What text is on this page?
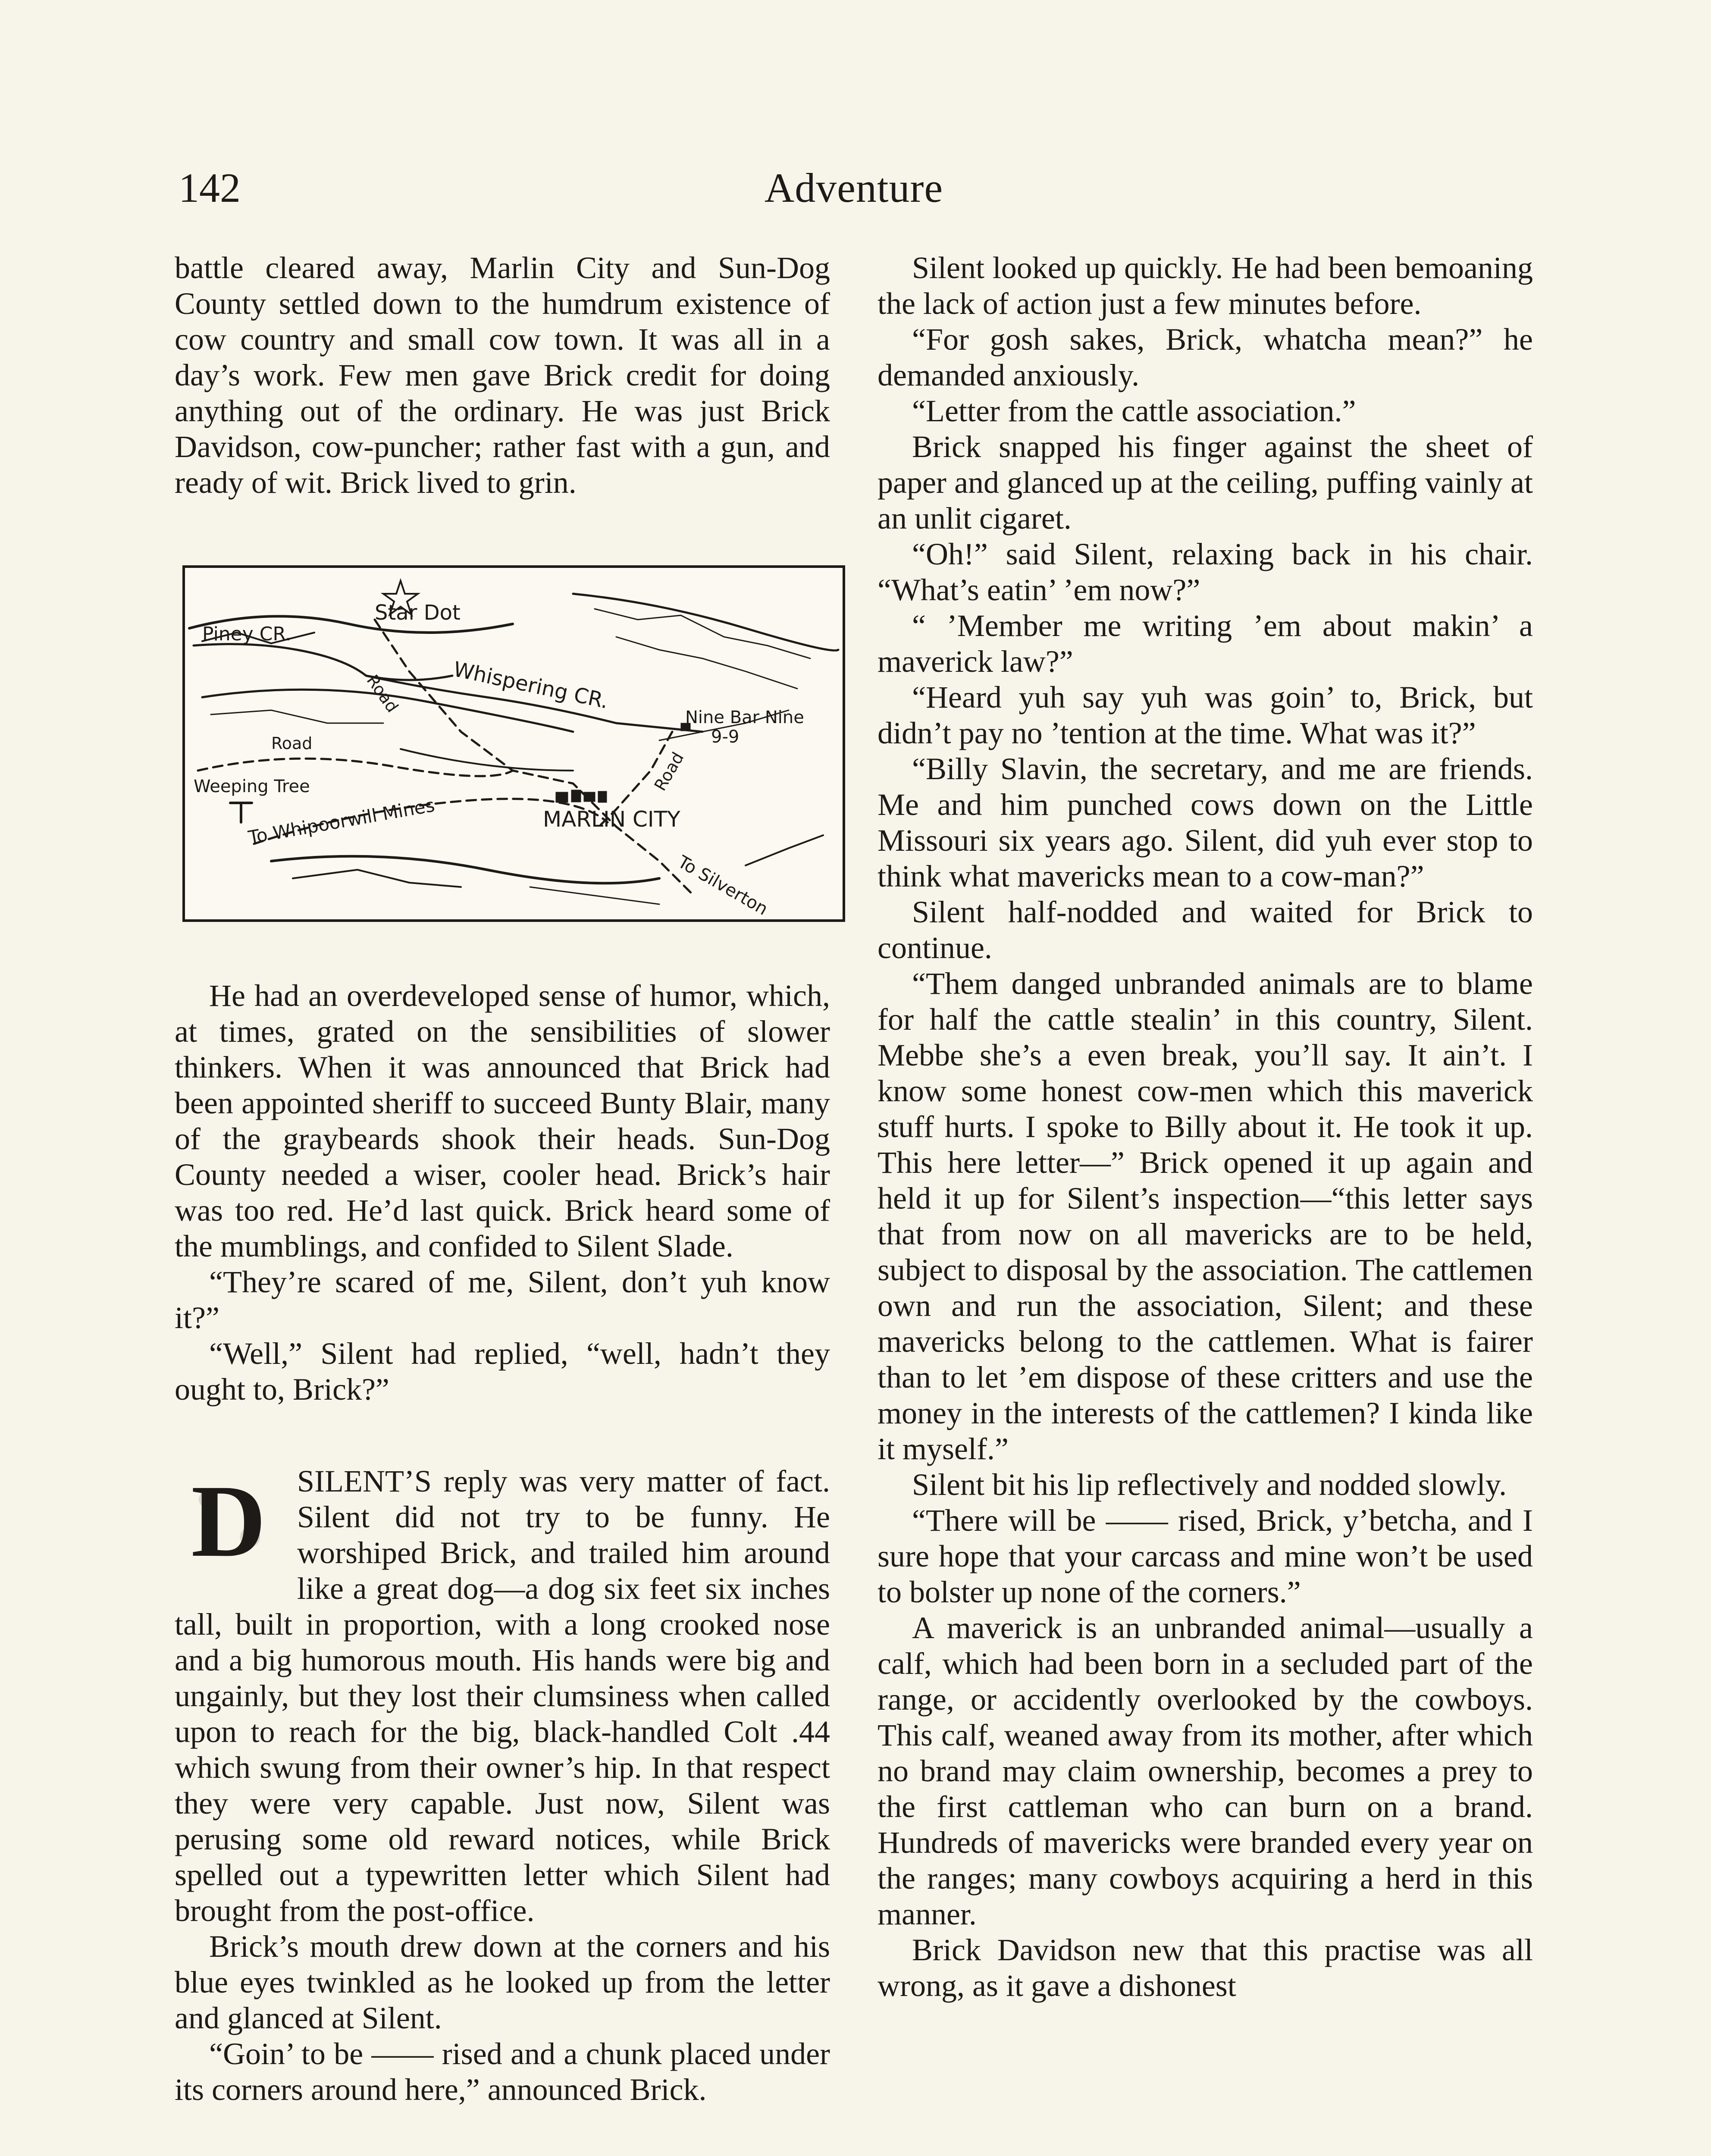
142	Adventure

battle cleared away, Marlin City and Sun-Dog County settled down to the humdrum existence of cow country and small cow town. It was all in a day’s work. Few men gave Brick credit for doing anything out of the ordinary. He was just Brick Davidson, cow-puncher; rather fast with a gun, and ready of wit. Brick lived to grin.

Star Dot
Piney CR.
Whispering CR.
Road
Road
Road
Nine Bar Nine
9-9
Weeping Tree
To Whipoorwill Mines	MARLIN CITY
To Silverton

He had an overdeveloped sense of humor, which, at times, grated on the sensibilities of slower thinkers. When it was announced that Brick had been appointed sheriff to succeed Bunty Blair, many of the graybeards shook their heads. Sun-Dog County needed a wiser, cooler head. Brick’s hair was too red. He’d last quick. Brick heard some of the mumblings, and confided to Silent Slade.

“They’re scared of me, Silent, don’t yuh know it?”

“Well,” Silent had replied, “well, hadn’t they ought to, Brick?”

D	SILENT’S reply was very matter of fact. Silent did not try to be funny. He worshiped Brick, and trailed him around like a great dog—a dog six feet six inches tall, built in proportion, with a long crooked nose and a big humorous mouth. His hands were big and ungainly, but they lost their clumsiness when called upon to reach for the big, black-handled Colt .44 which swung from their owner’s hip. In that respect they were very capable. Just now, Silent was perusing some old reward notices, while Brick spelled out a typewritten letter which Silent had brought from the post-office.

Brick’s mouth drew down at the corners and his blue eyes twinkled as he looked up from the letter and glanced at Silent.

“Goin’ to be —— rised and a chunk placed under its corners around here,” announced Brick.

Silent looked up quickly. He had been bemoaning the lack of action just a few minutes before.

“For gosh sakes, Brick, whatcha mean?” he demanded anxiously.

“Letter from the cattle association.”

Brick snapped his finger against the sheet of paper and glanced up at the ceiling, puffing vainly at an unlit cigaret.

“Oh!” said Silent, relaxing back in his chair. “What’s eatin’ ’em now?”

“ ’Member me writing ’em about makin’ a maverick law?”

“Heard yuh say yuh was goin’ to, Brick, but didn’t pay no ’tention at the time. What was it?”

“Billy Slavin, the secretary, and me are friends. Me and him punched cows down on the Little Missouri six years ago. Silent, did yuh ever stop to think what mavericks mean to a cow-man?”

Silent half-nodded and waited for Brick to continue.

“Them danged unbranded animals are to blame for half the cattle stealin’ in this country, Silent. Mebbe she’s a even break, you’ll say. It ain’t. I know some honest cow-men which this maverick stuff hurts. I spoke to Billy about it. He took it up. This here letter—” Brick opened it up again and held it up for Silent’s inspection—“this letter says that from now on all mavericks are to be held, subject to disposal by the association. The cattlemen own and run the association, Silent; and these mavericks belong to the cattlemen. What is fairer than to let ’em dispose of these critters and use the money in the interests of the cattlemen? I kinda like it myself.”

Silent bit his lip reflectively and nodded slowly.

“There will be —— rised, Brick, y’betcha, and I sure hope that your carcass and mine won’t be used to bolster up none of the corners.”

A maverick is an unbranded animal—usually a calf, which had been born in a secluded part of the range, or accidently overlooked by the cowboys. This calf, weaned away from its mother, after which no brand may claim ownership, becomes a prey to the first cattleman who can burn on a brand. Hundreds of mavericks were branded every year on the ranges; many cowboys acquiring a herd in this manner.

Brick Davidson new that this practise was all wrong, as it gave a dishonest
